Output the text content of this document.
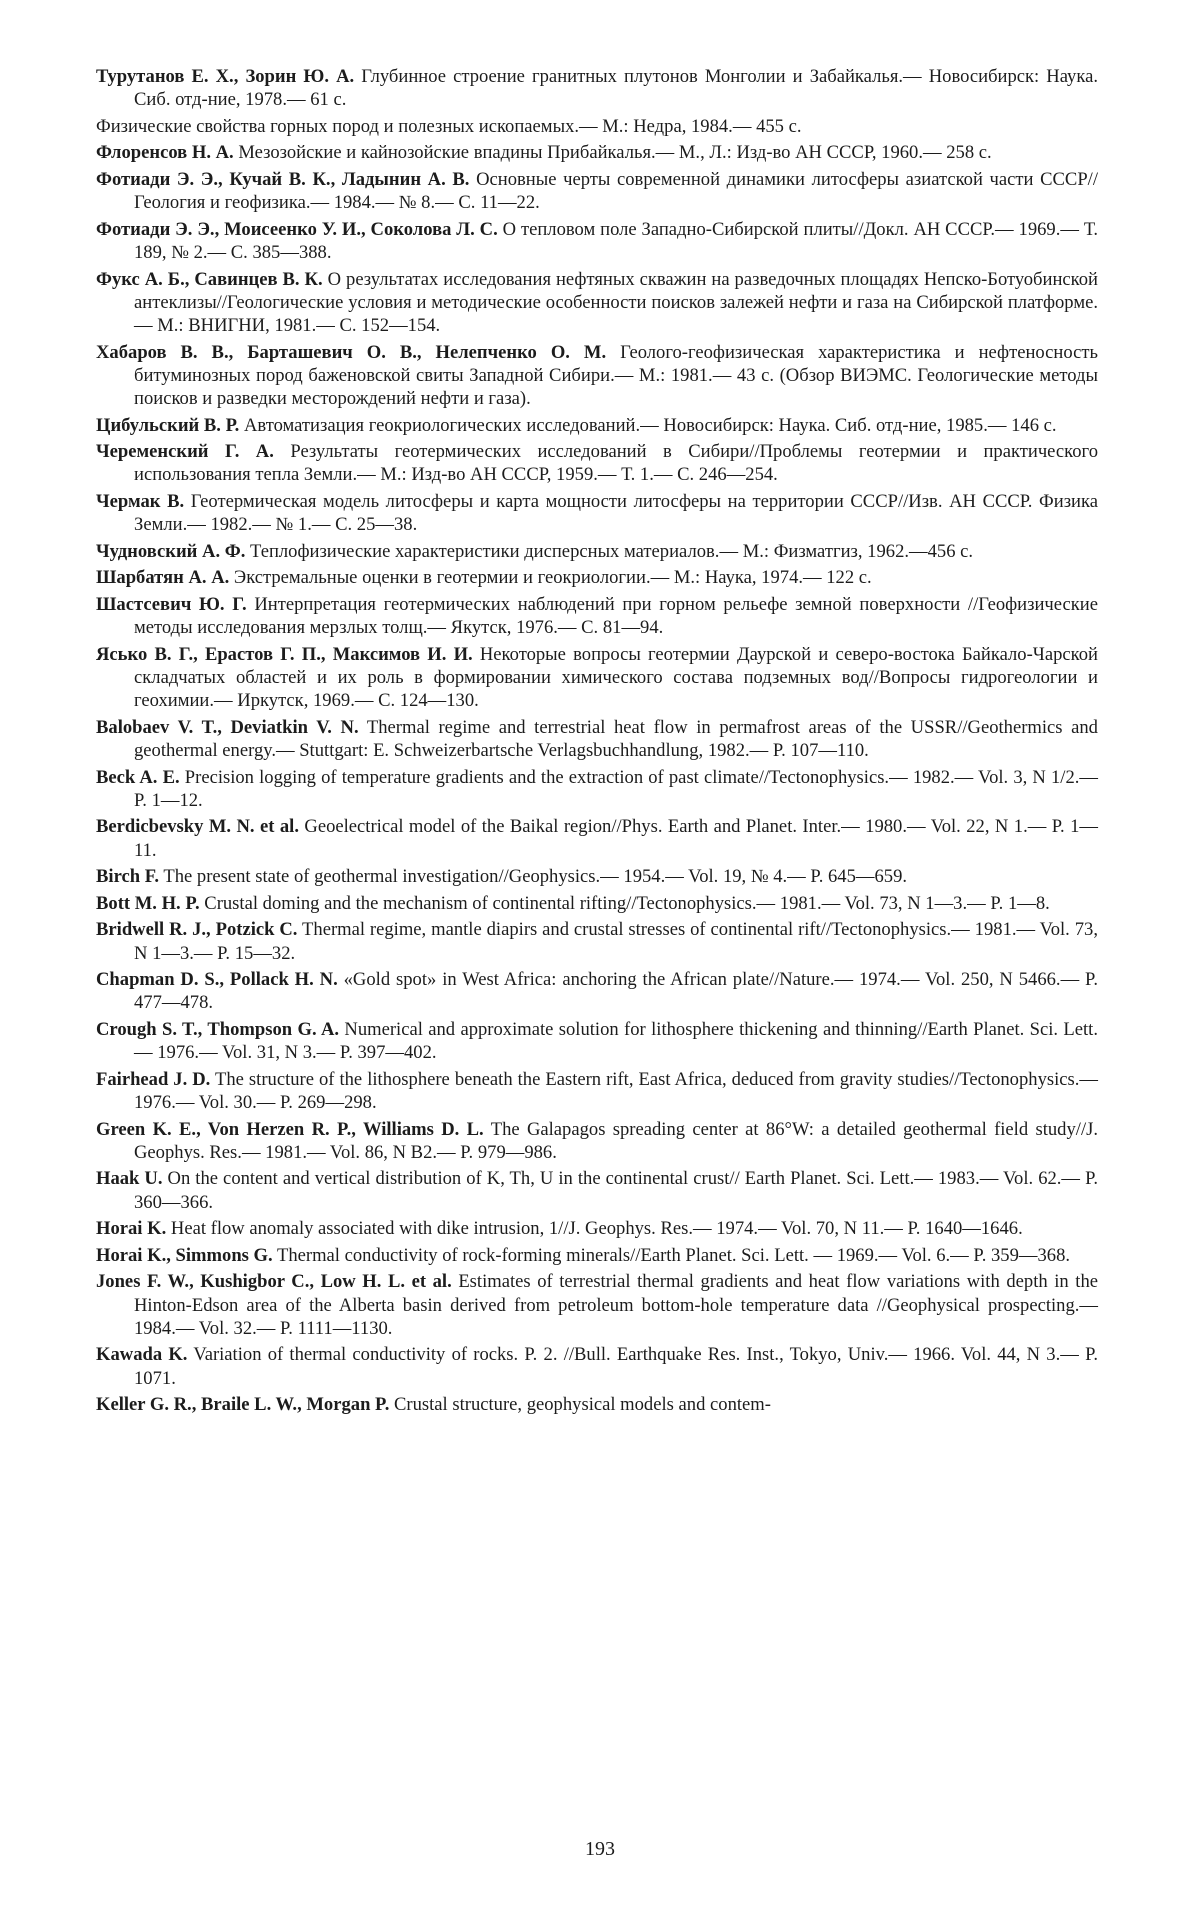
Турутанов Е. Х., Зорин Ю. А. Глубинное строение гранитных плутонов Монголии и Забайкалья.— Новосибирск: Наука. Сиб. отд-ние, 1978.— 61 с.

Физические свойства горных пород и полезных ископаемых.— М.: Недра, 1984.— 455 с.

Флоренсов Н. А. Мезозойские и кайнозойские впадины Прибайкалья.— М., Л.: Изд-во АН СССР, 1960.— 258 с.

Фотиади Э. Э., Кучай В. К., Ладынин А. В. Основные черты современной динамики литосферы азиатской части СССР//Геология и геофизика.— 1984.— № 8.— С. 11—22.

Фотиади Э. Э., Моисеенко У. И., Соколова Л. С. О тепловом поле Западно-Сибирской плиты//Докл. АН СССР.— 1969.— Т. 189, № 2.— С. 385—388.

Фукс А. Б., Савинцев В. К. О результатах исследования нефтяных скважин на разведочных площадях Непско-Ботуобинской антеклизы//Геологические условия и методические особенности поисков залежей нефти и газа на Сибирской платформе.— М.: ВНИГНИ, 1981.— С. 152—154.

Хабаров В. В., Барташевич О. В., Нелепченко О. М. Геолого-геофизическая характеристика и нефтеносность битуминозных пород баженовской свиты Западной Сибири.— М.: 1981.— 43 с. (Обзор ВИЭМС. Геологические методы поисков и разведки месторождений нефти и газа).

Цибульский В. Р. Автоматизация геокриологических исследований.— Новосибирск: Наука. Сиб. отд-ние, 1985.— 146 с.

Череменский Г. А. Результаты геотермических исследований в Сибири//Проблемы геотермии и практического использования тепла Земли.— М.: Изд-во АН СССР, 1959.— Т. 1.— С. 246—254.

Чермак В. Геотермическая модель литосферы и карта мощности литосферы на территории СССР//Изв. АН СССР. Физика Земли.— 1982.— № 1.— С. 25—38.

Чудновский А. Ф. Теплофизические характеристики дисперсных материалов.— М.: Физматгиз, 1962.—456 с.

Шарбатян А. А. Экстремальные оценки в геотермии и геокриологии.— М.: Наука, 1974.— 122 с.

Шастсевич Ю. Г. Интерпретация геотермических наблюдений при горном рельефе земной поверхности //Геофизические методы исследования мерзлых толщ.— Якутск, 1976.— С. 81—94.

Ясько В. Г., Ерастов Г. П., Максимов И. И. Некоторые вопросы геотермии Даурской и северо-востока Байкало-Чарской складчатых областей и их роль в формировании химического состава подземных вод//Вопросы гидрогеологии и геохимии.— Иркутск, 1969.— С. 124—130.

Balobaev V. T., Deviatkin V. N. Thermal regime and terrestrial heat flow in permafrost areas of the USSR//Geothermics and geothermal energy.— Stuttgart: E. Schweizerbartsche Verlagsbuchhandlung, 1982.— P. 107—110.

Beck A. E. Precision logging of temperature gradients and the extraction of past climate//Tectonophysics.— 1982.— Vol. 3, N 1/2.— P. 1—12.

Berdicbevsky M. N. et al. Geoelectrical model of the Baikal region//Phys. Earth and Planet. Inter.— 1980.— Vol. 22, N 1.— P. 1—11.

Birch F. The present state of geothermal investigation//Geophysics.— 1954.— Vol. 19, № 4.— P. 645—659.

Bott M. H. P. Crustal doming and the mechanism of continental rifting//Tectonophysics.— 1981.— Vol. 73, N 1—3.— P. 1—8.

Bridwell R. J., Potzick C. Thermal regime, mantle diapirs and crustal stresses of continental rift//Tectonophysics.— 1981.— Vol. 73, N 1—3.— P. 15—32.

Chapman D. S., Pollack H. N. «Gold spot» in West Africa: anchoring the African plate//Nature.— 1974.— Vol. 250, N 5466.— P. 477—478.

Crough S. T., Thompson G. A. Numerical and approximate solution for lithosphere thickening and thinning//Earth Planet. Sci. Lett.— 1976.— Vol. 31, N 3.— P. 397—402.

Fairhead J. D. The structure of the lithosphere beneath the Eastern rift, East Africa, deduced from gravity studies//Tectonophysics.— 1976.— Vol. 30.— P. 269—298.

Green K. E., Von Herzen R. P., Williams D. L. The Galapagos spreading center at 86°W: a detailed geothermal field study//J. Geophys. Res.— 1981.— Vol. 86, N B2.— P. 979—986.

Haak U. On the content and vertical distribution of K, Th, U in the continental crust// Earth Planet. Sci. Lett.— 1983.— Vol. 62.— P. 360—366.

Horai K. Heat flow anomaly associated with dike intrusion, 1//J. Geophys. Res.— 1974.— Vol. 70, N 11.— P. 1640—1646.

Horai K., Simmons G. Thermal conductivity of rock-forming minerals//Earth Planet. Sci. Lett. — 1969.— Vol. 6.— P. 359—368.

Jones F. W., Kushigbor C., Low H. L. et al. Estimates of terrestrial thermal gradients and heat flow variations with depth in the Hinton-Edson area of the Alberta basin derived from petroleum bottom-hole temperature data //Geophysical prospecting.— 1984.— Vol. 32.— P. 1111—1130.

Kawada K. Variation of thermal conductivity of rocks. P. 2. //Bull. Earthquake Res. Inst., Tokyo, Univ.— 1966. Vol. 44, N 3.— P. 1071.

Keller G. R., Braile L. W., Morgan P. Crustal structure, geophysical models and contem-

193
